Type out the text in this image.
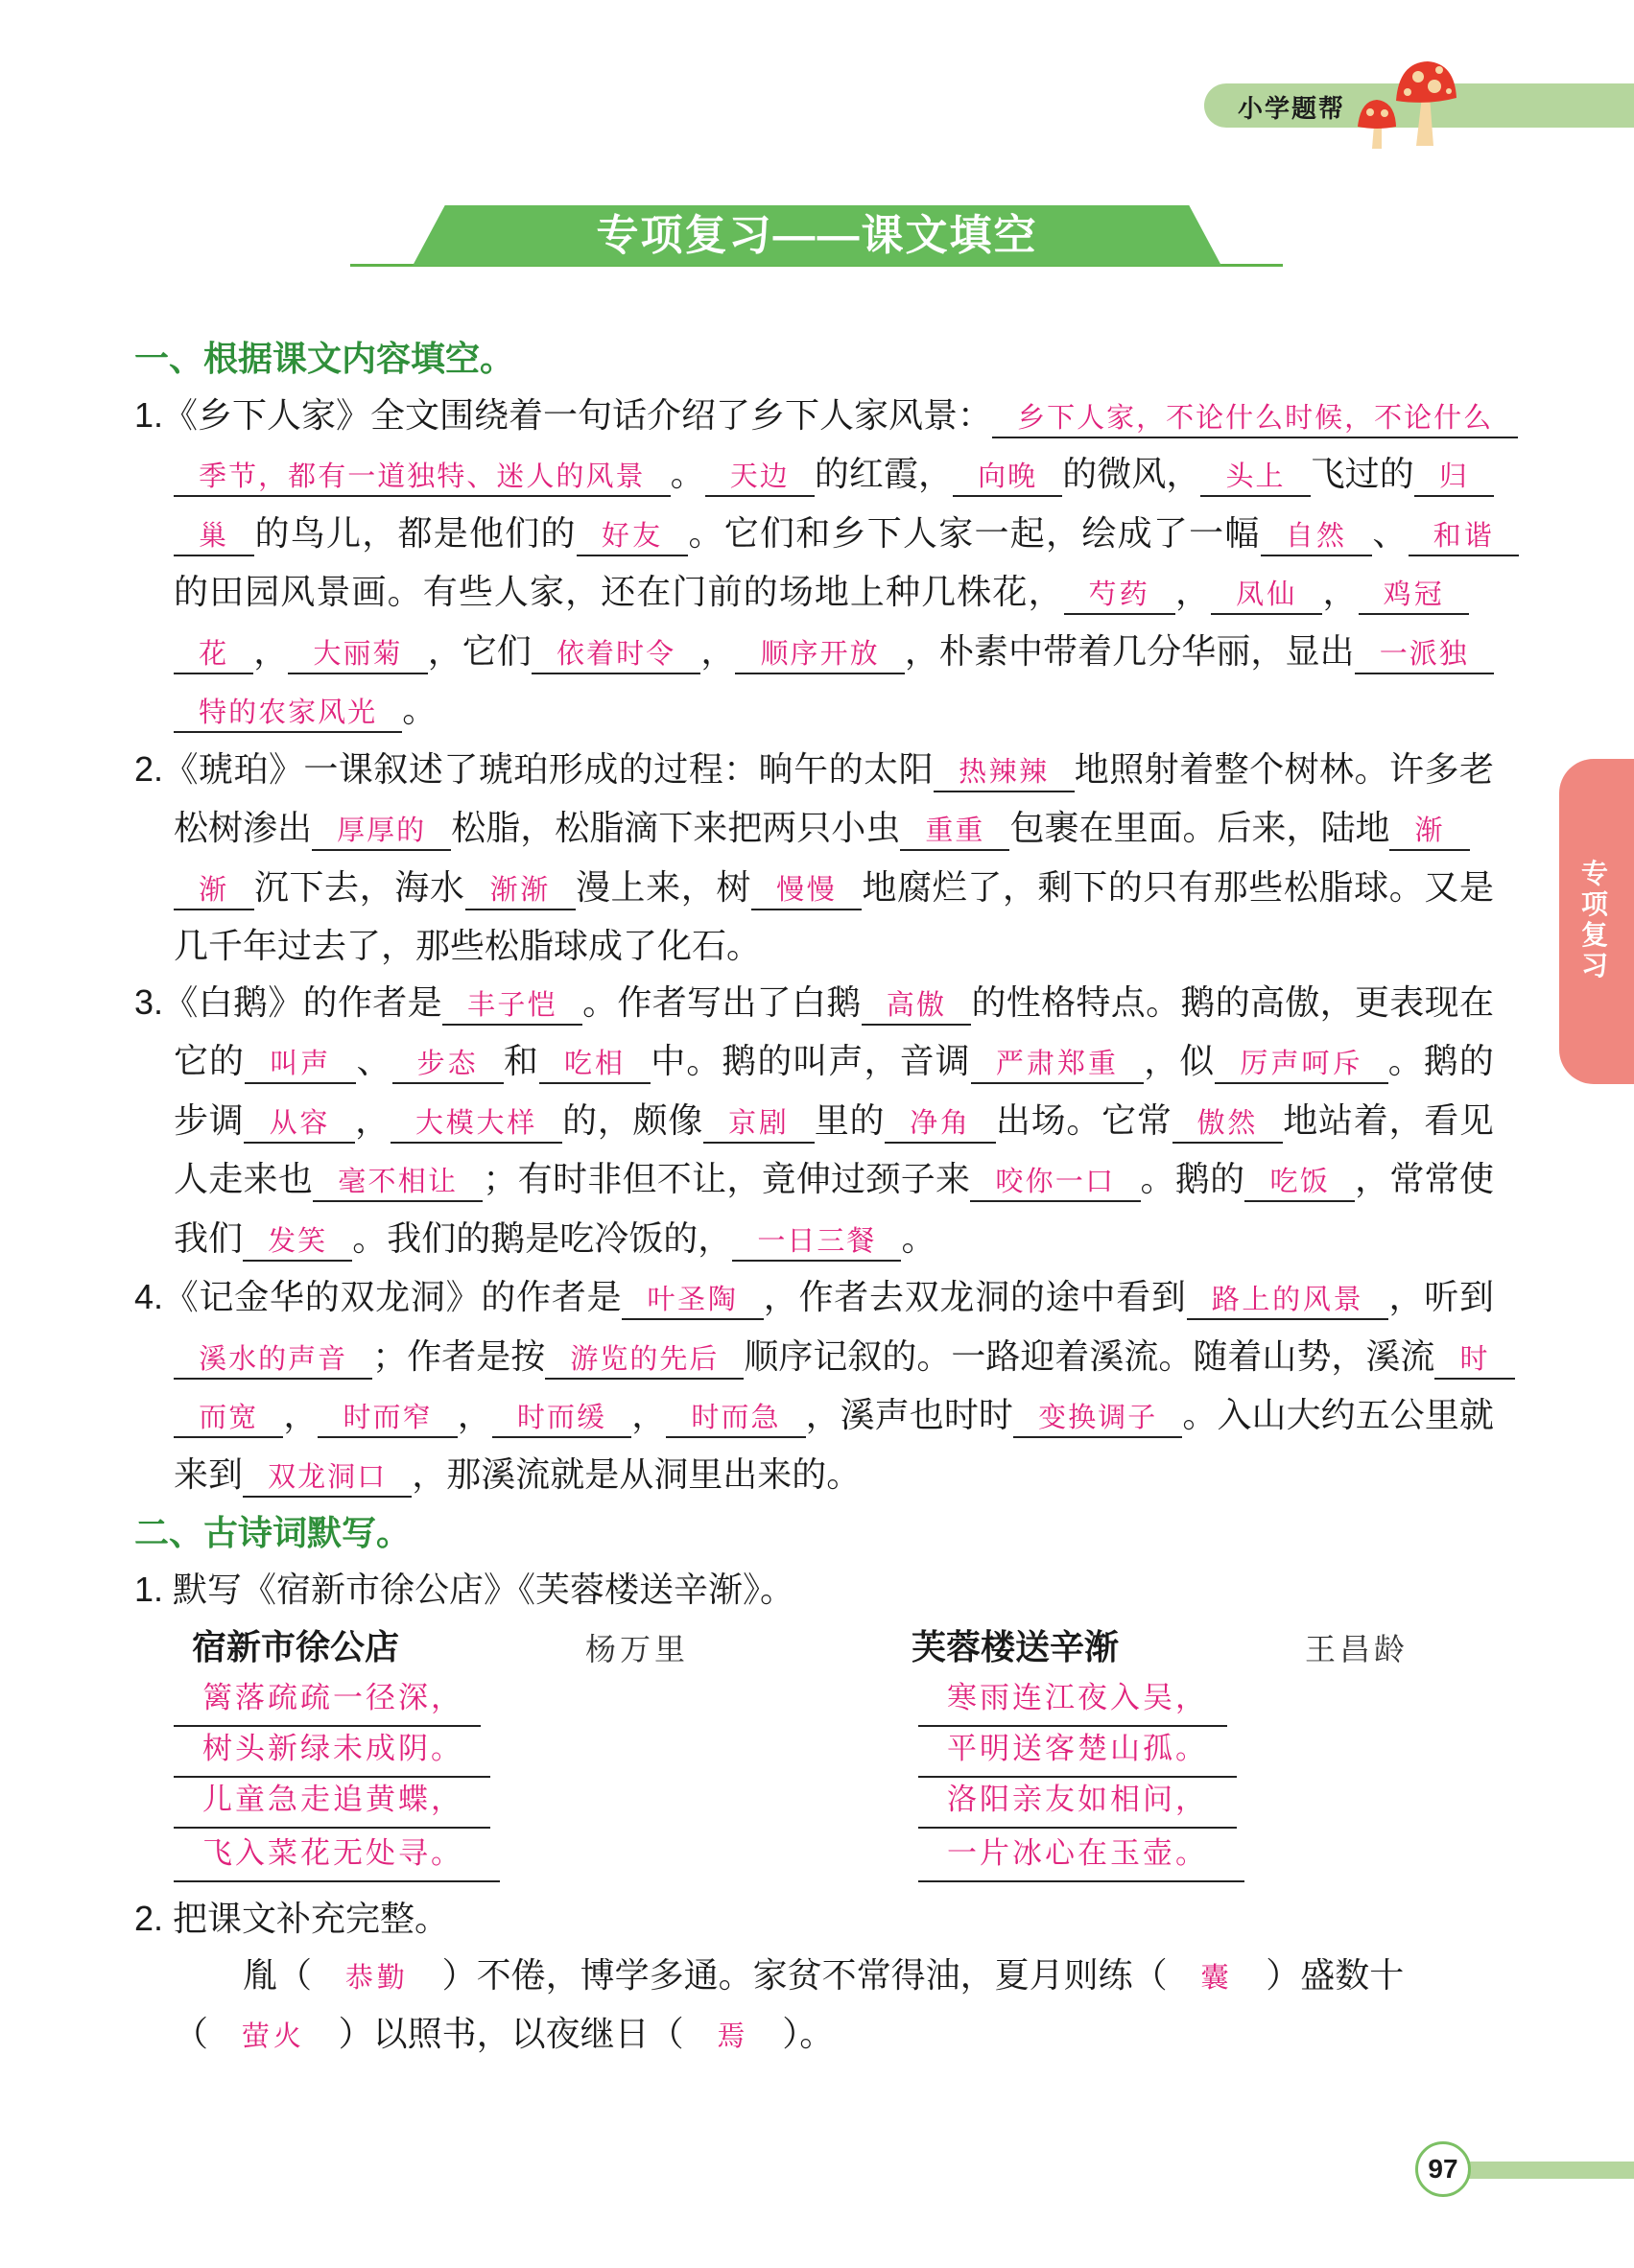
小学题帮
专项复习——课文填空
专项复习
一、根据课文内容填空。
1.《乡下人家》全文围绕着一句话介绍了乡下人家风景： 乡下人家，不论什么时候，不论什么季节，都有一道独特、迷人的风景 。 天边 的红霞， 向晚 的微风， 头上 飞过的 归巢 的鸟儿，都是他们的 好友 。它们和乡下人家一起，绘成了一幅 自然 、 和谐的田园风景画。有些人家，还在门前的场地上种几株花， 芍药 ， 凤仙 ， 鸡冠花 ， 大丽菊 ，它们 依着时令 ， 顺序开放 ，朴素中带着几分华丽，显出 一派独特的农家风光 。
2.《琥珀》一课叙述了琥珀形成的过程：晌午的太阳 热辣辣 地照射着整个树林。许多老松树渗出 厚厚的 松脂，松脂滴下来把两只小虫 重重 包裹在里面。后来，陆地 渐渐 沉下去，海水 渐渐 漫上来，树 慢慢 地腐烂了，剩下的只有那些松脂球。又是几千年过去了，那些松脂球成了化石。
3.《白鹅》的作者是 丰子恺 。作者写出了白鹅 高傲 的性格特点。鹅的高傲，更表现在它的 叫声 、 步态 和 吃相 中。鹅的叫声，音调 严肃郑重 ，似 厉声呵斥 。鹅的步调 从容 ， 大模大样 的，颇像 京剧 里的 净角 出场。它常 傲然 地站着，看见人走来也 毫不相让 ；有时非但不让，竟伸过颈子来 咬你一口 。鹅的 吃饭 ，常常使我们 发笑 。我们的鹅是吃冷饭的， 一日三餐 。
4.《记金华的双龙洞》的作者是 叶圣陶 ，作者去双龙洞的途中看到 路上的风景 ，听到溪水的声音 ；作者是按 游览的先后 顺序记叙的。一路迎着溪流。随着山势，溪流 时而宽 ， 时而窄 ， 时而缓 ， 时而急 ，溪声也时时 变换调子 。入山大约五公里就来到 双龙洞口 ，那溪流就是从洞里出来的。
二、古诗词默写。
1. 默写《宿新市徐公店》《芙蓉楼送辛渐》。
宿新市徐公店	杨万里	芙蓉楼送辛渐	王昌龄
篱落疏疏一径深，
树头新绿未成阴。
儿童急走追黄蝶，
飞入菜花无处寻。
寒雨连江夜入吴，
平明送客楚山孤。
洛阳亲友如相问，
一片冰心在玉壶。
2. 把课文补充完整。
胤（ 恭勤 ）不倦，博学多通。家贫不常得油，夏月则练（ 囊 ）盛数十（ 萤火 ）以照书，以夜继日（ 焉 ）。
97
